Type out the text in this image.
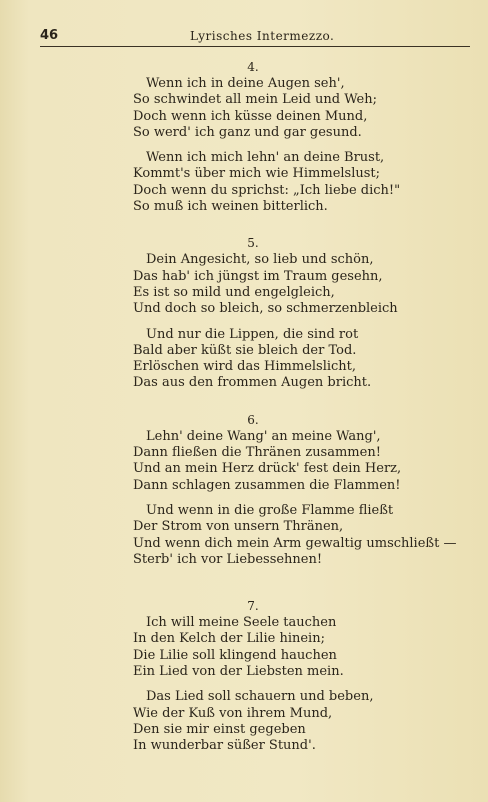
46	Lyrisches Intermezzo.
4.
Wenn ich in deine Augen seh',
So schwindet all mein Leid und Weh;
Doch wenn ich küsse deinen Mund,
So werd' ich ganz und gar gesund.
Wenn ich mich lehn' an deine Brust,
Kommt's über mich wie Himmelslust;
Doch wenn du sprichst: „Ich liebe dich!"
So muß ich weinen bitterlich.
5.
Dein Angesicht, so lieb und schön,
Das hab' ich jüngst im Traum gesehn,
Es ist so mild und engelgleich,
Und doch so bleich, so schmerzenbleich
Und nur die Lippen, die sind rot
Bald aber küßt sie bleich der Tod.
Erlöschen wird das Himmelslicht,
Das aus den frommen Augen bricht.
6.
Lehn' deine Wang' an meine Wang',
Dann fließen die Thränen zusammen!
Und an mein Herz drück' fest dein Herz,
Dann schlagen zusammen die Flammen!
Und wenn in die große Flamme fließt
Der Strom von unsern Thränen,
Und wenn dich mein Arm gewaltig umschließt —
Sterb' ich vor Liebessehnen!
7.
Ich will meine Seele tauchen
In den Kelch der Lilie hinein;
Die Lilie soll klingend hauchen
Ein Lied von der Liebsten mein.
Das Lied soll schauern und beben,
Wie der Kuß von ihrem Mund,
Den sie mir einst gegeben
In wunderbar süßer Stund'.
